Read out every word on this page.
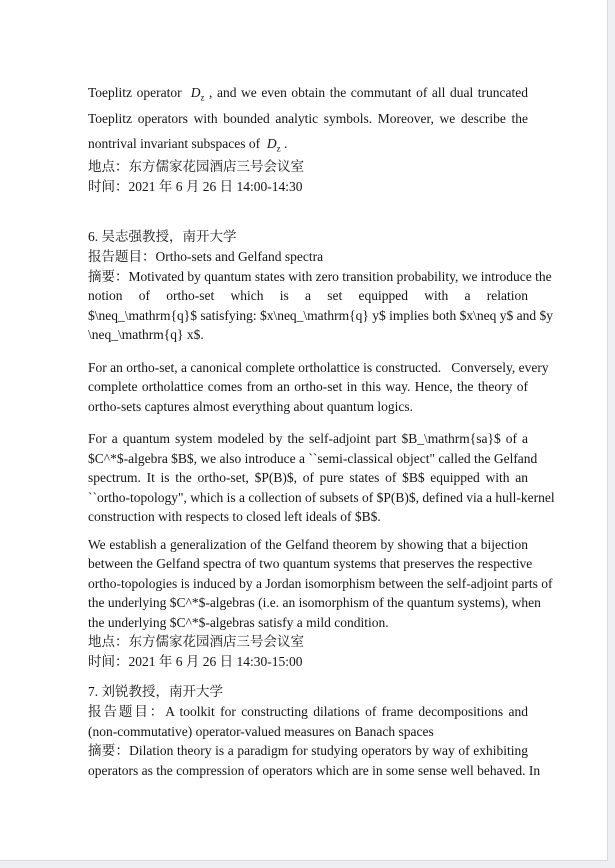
Toeplitz operator  $D_z$ , and we even obtain the commutant of all dual truncated
Toeplitz operators with bounded analytic symbols. Moreover, we describe the
nontrival invariant subspaces of  $D_z$ .
地点：东方儒家花园酒店三号会议室
时间：2021 年 6 月 26 日 14:00-14:30
6. 吴志强教授，南开大学
报告题目：Ortho-sets and Gelfand spectra
摘要：Motivated by quantum states with zero transition probability, we introduce the
notion of ortho-set which is a set equipped with a relation
$\neq_\mathrm{q}$ satisfying: $x\neq_\mathrm{q} y$ implies both $x\neq y$ and $y
\neq_\mathrm{q} x$.
For an ortho-set, a canonical complete ortholattice is constructed.   Conversely, every
complete ortholattice comes from an ortho-set in this way. Hence, the theory of
ortho-sets captures almost everything about quantum logics.
For a quantum system modeled by the self-adjoint part $B_\mathrm{sa}$ of a
$C^*$-algebra $B$, we also introduce a ``semi-classical object" called the Gelfand
spectrum. It is the ortho-set, $P(B)$, of pure states of $B$ equipped with an
``ortho-topology", which is a collection of subsets of $P(B)$, defined via a hull-kernel
construction with respects to closed left ideals of $B$.
We establish a generalization of the Gelfand theorem by showing that a bijection
between the Gelfand spectra of two quantum systems that preserves the respective
ortho-topologies is induced by a Jordan isomorphism between the self-adjoint parts of
the underlying $C^*$-algebras (i.e. an isomorphism of the quantum systems), when
the underlying $C^*$-algebras satisfy a mild condition.
地点：东方儒家花园酒店三号会议室
时间：2021 年 6 月 26 日 14:30-15:00
7. 刘锐教授，南开大学
报告题目：A toolkit for constructing dilations of frame decompositions and
(non-commutative) operator-valued measures on Banach spaces
摘要：Dilation theory is a paradigm for studying operators by way of exhibiting
operators as the compression of operators which are in some sense well behaved. In
